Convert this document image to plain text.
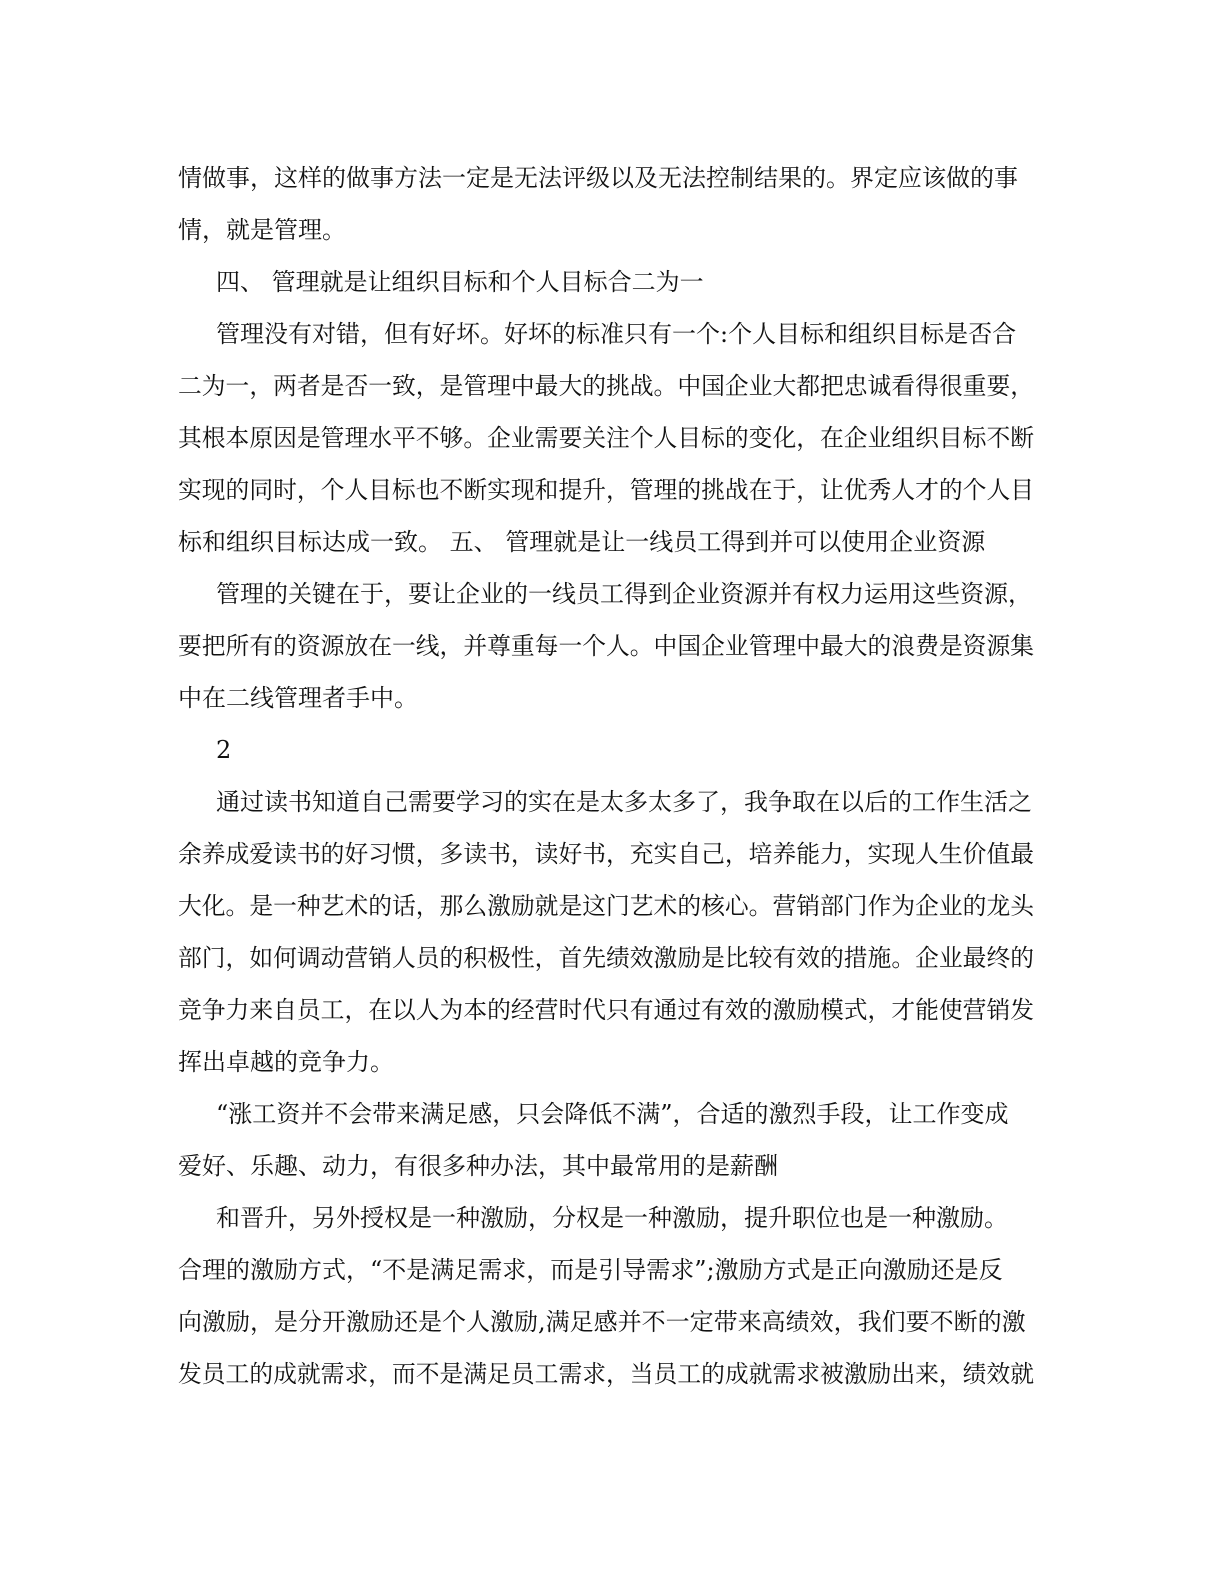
情做事，这样的做事方法一定是无法评级以及无法控制结果的。界定应该做的事
情，就是管理。
四、 管理就是让组织目标和个人目标合二为一
管理没有对错，但有好坏。好坏的标准只有一个:个人目标和组织目标是否合
二为一，两者是否一致，是管理中最大的挑战。中国企业大都把忠诚看得很重要，
其根本原因是管理水平不够。企业需要关注个人目标的变化，在企业组织目标不断
实现的同时，个人目标也不断实现和提升，管理的挑战在于，让优秀人才的个人目
标和组织目标达成一致。 五、 管理就是让一线员工得到并可以使用企业资源
管理的关键在于，要让企业的一线员工得到企业资源并有权力运用这些资源，
要把所有的资源放在一线，并尊重每一个人。中国企业管理中最大的浪费是资源集
中在二线管理者手中。
2
通过读书知道自己需要学习的实在是太多太多了，我争取在以后的工作生活之
余养成爱读书的好习惯，多读书，读好书，充实自己，培养能力，实现人生价值最
大化。是一种艺术的话，那么激励就是这门艺术的核心。营销部门作为企业的龙头
部门，如何调动营销人员的积极性，首先绩效激励是比较有效的措施。企业最终的
竞争力来自员工，在以人为本的经营时代只有通过有效的激励模式，才能使营销发
挥出卓越的竞争力。
“涨工资并不会带来满足感，只会降低不满”，合适的激烈手段，让工作变成
爱好、乐趣、动力，有很多种办法，其中最常用的是薪酬
和晋升，另外授权是一种激励，分权是一种激励，提升职位也是一种激励。
合理的激励方式，“不是满足需求，而是引导需求”;激励方式是正向激励还是反
向激励，是分开激励还是个人激励,满足感并不一定带来高绩效，我们要不断的激
发员工的成就需求，而不是满足员工需求，当员工的成就需求被激励出来，绩效就
